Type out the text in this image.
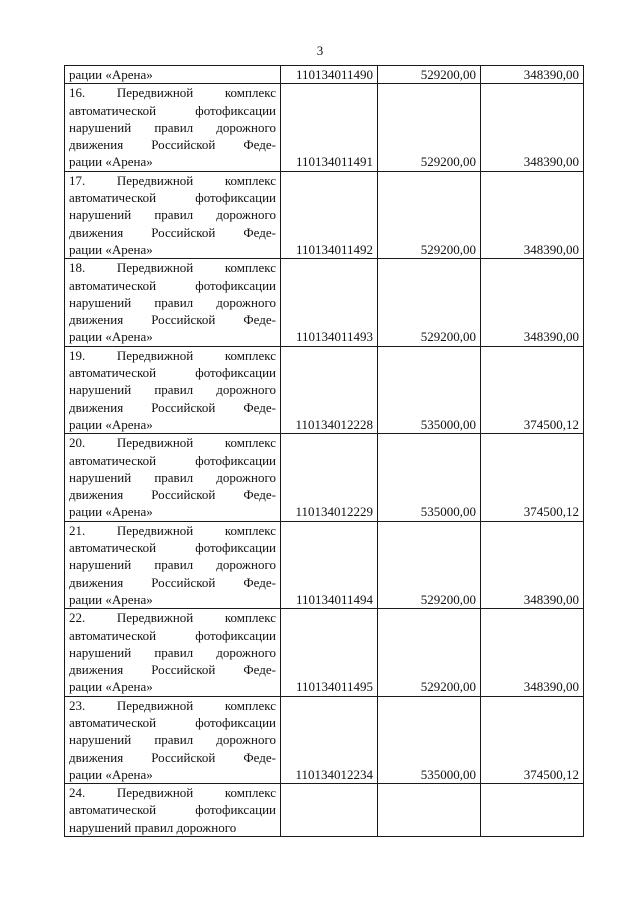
3
рации «Арена»	110134011490	529200,00	348390,00

16. Передвижной комплекс
автоматической фотофиксации
нарушений правил дорожного
движения Российской Феде-
рации «Арена»	110134011491	529200,00	348390,00

17. Передвижной комплекс
автоматической фотофиксации
нарушений правил дорожного
движения Российской Феде-
рации «Арена»	110134011492	529200,00	348390,00

18. Передвижной комплекс
автоматической фотофиксации
нарушений правил дорожного
движения Российской Феде-
рации «Арена»	110134011493	529200,00	348390,00

19. Передвижной комплекс
автоматической фотофиксации
нарушений правил дорожного
движения Российской Феде-
рации «Арена»	110134012228	535000,00	374500,12

20. Передвижной комплекс
автоматической фотофиксации
нарушений правил дорожного
движения Российской Феде-
рации «Арена»	110134012229	535000,00	374500,12

21. Передвижной комплекс
автоматической фотофиксации
нарушений правил дорожного
движения Российской Феде-
рации «Арена»	110134011494	529200,00	348390,00

22. Передвижной комплекс
автоматической фотофиксации
нарушений правил дорожного
движения Российской Феде-
рации «Арена»	110134011495	529200,00	348390,00

23. Передвижной комплекс
автоматической фотофиксации
нарушений правил дорожного
движения Российской Феде-
рации «Арена»	110134012234	535000,00	374500,12

24. Передвижной комплекс
автоматической фотофиксации
нарушений правил дорожного			
